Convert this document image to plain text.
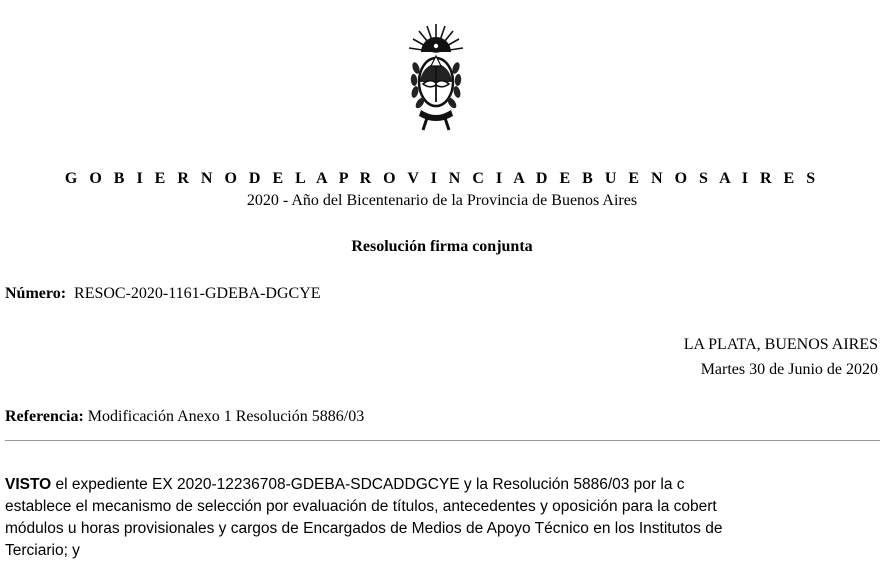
G O B I E R N O D E L A P R O V I N C I A D E B U E N O S A I R E S
2020 - Año del Bicentenario de la Provincia de Buenos Aires
Resolución firma conjunta
Número: RESOC-2020-1161-GDEBA-DGCYE
LA PLATA, BUENOS AIRES
Martes 30 de Junio de 2020
Referencia: Modificación Anexo 1 Resolución 5886/03
VISTO el expediente EX 2020-12236708-GDEBA-SDCADDGCYE y la Resolución 5886/03 por la c
establece el mecanismo de selección por evaluación de títulos, antecedentes y oposición para la cobert
módulos u horas provisionales y cargos de Encargados de Medios de Apoyo Técnico en los Institutos de
Terciario; y
